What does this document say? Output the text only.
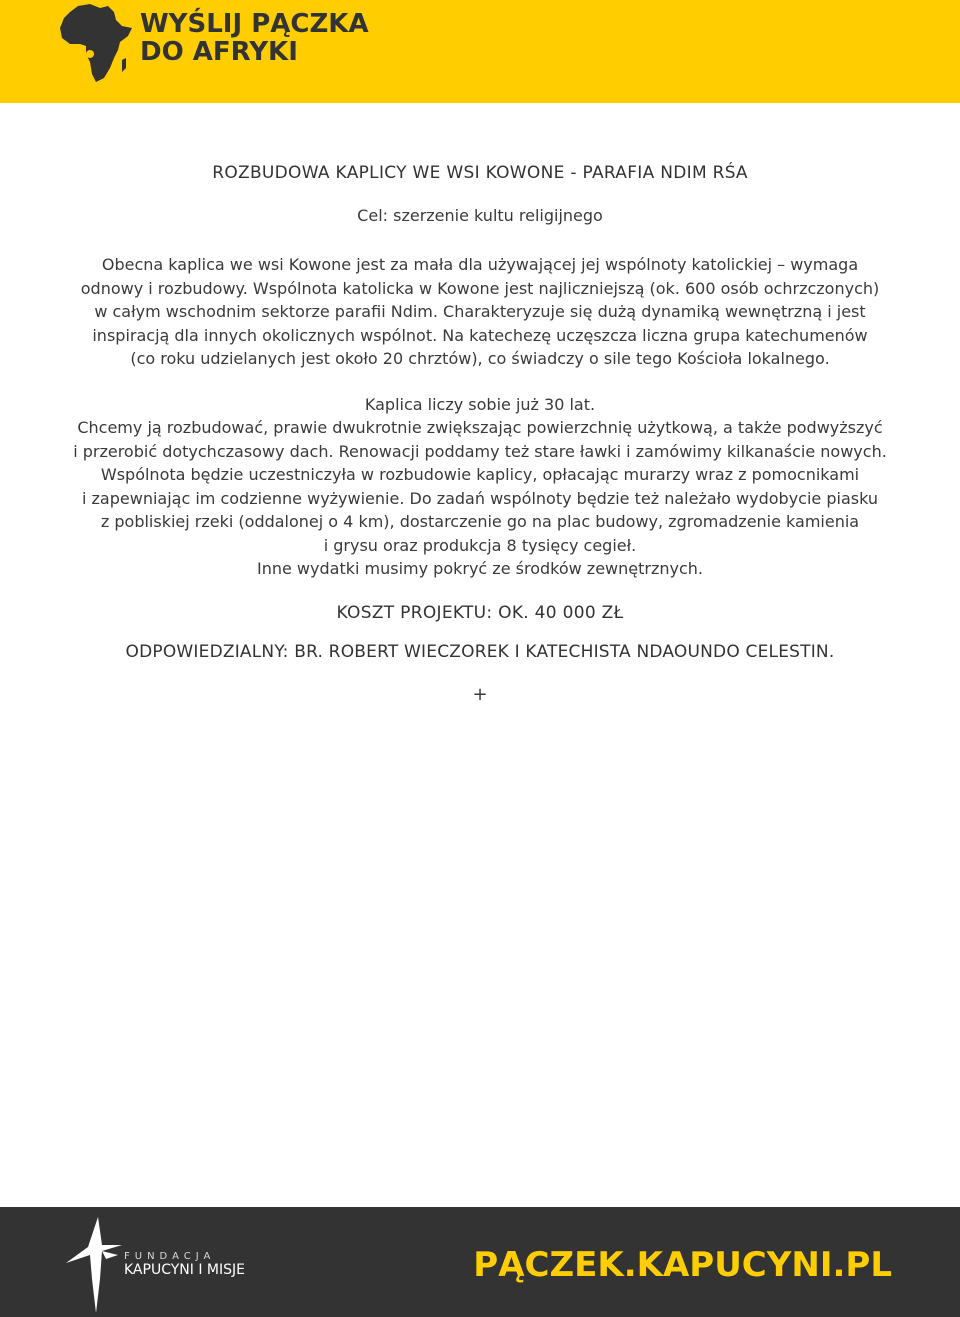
WYŚLIJ PĄCZKA
DO AFRYKI
ROZBUDOWA KAPLICY WE WSI KOWONE - PARAFIA NDIM RŚA
Cel: szerzenie kultu religijnego
Obecna kaplica we wsi Kowone jest za mała dla używającej jej wspólnoty katolickiej – wymaga
odnowy i rozbudowy. Wspólnota katolicka w Kowone jest najliczniejszą (ok. 600 osób ochrzczonych)
w całym wschodnim sektorze parafii Ndim. Charakteryzuje się dużą dynamiką wewnętrzną i jest
inspiracją dla innych okolicznych wspólnot. Na katechezę uczęszcza liczna grupa katechumenów
(co roku udzielanych jest około 20 chrztów), co świadczy o sile tego Kościoła lokalnego.
Kaplica liczy sobie już 30 lat.
Chcemy ją rozbudować, prawie dwukrotnie zwiększając powierzchnię użytkową, a także podwyższyć
i przerobić dotychczasowy dach. Renowacji poddamy też stare ławki i zamówimy kilkanaście nowych.
Wspólnota będzie uczestniczyła w rozbudowie kaplicy, opłacając murarzy wraz z pomocnikami
i zapewniając im codzienne wyżywienie. Do zadań wspólnoty będzie też należało wydobycie piasku
z pobliskiej rzeki (oddalonej o 4 km), dostarczenie go na plac budowy, zgromadzenie kamienia
i grysu oraz produkcja 8 tysięcy cegieł.
Inne wydatki musimy pokryć ze środków zewnętrznych.
KOSZT PROJEKTU: OK. 40 000 ZŁ
ODPOWIEDZIALNY: BR. ROBERT WIECZOREK I KATECHISTA NDAOUNDO CELESTIN.
+
FUNDACJA
KAPUCYNI I MISJE	PĄCZEK.KAPUCYNI.PL
